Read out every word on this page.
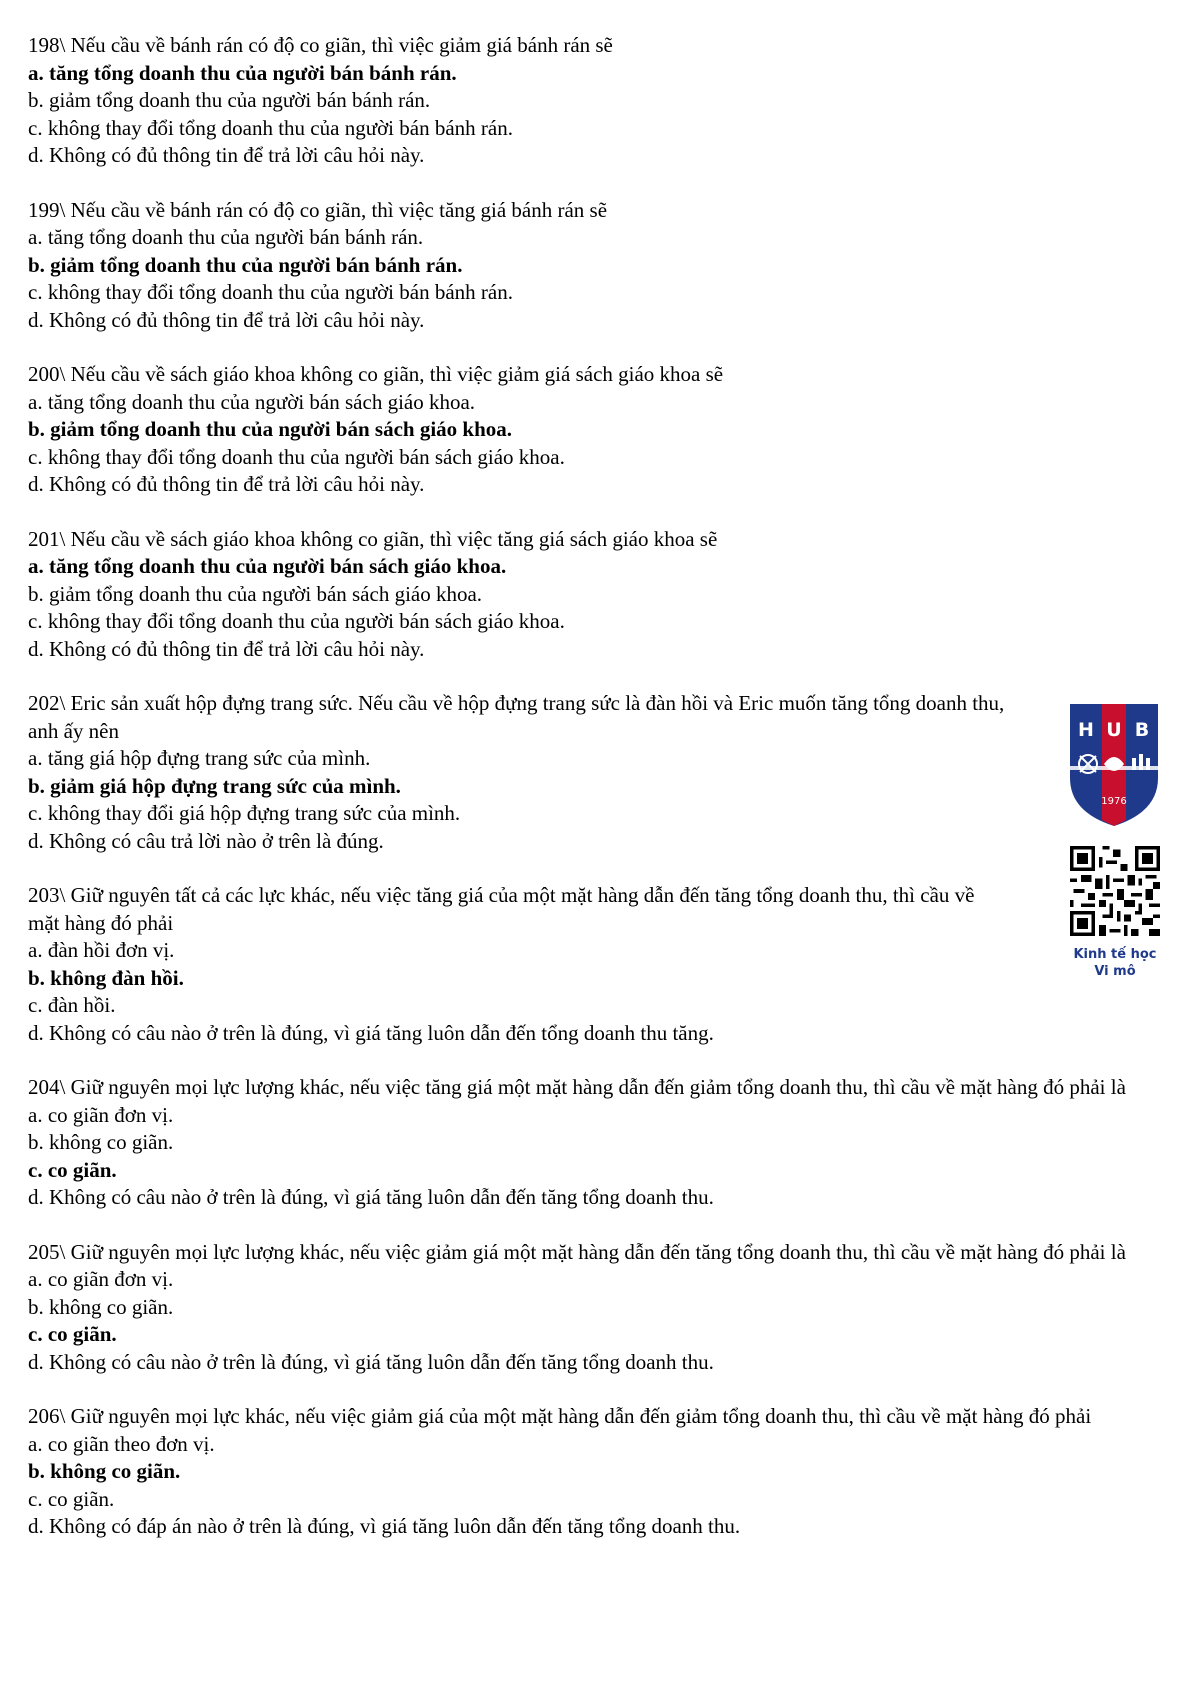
198\ Nếu cầu về bánh rán có độ co giãn, thì việc giảm giá bánh rán sẽ
a. tăng tổng doanh thu của người bán bánh rán.
b. giảm tổng doanh thu của người bán bánh rán.
c. không thay đổi tổng doanh thu của người bán bánh rán.
d. Không có đủ thông tin để trả lời câu hỏi này.
199\ Nếu cầu về bánh rán có độ co giãn, thì việc tăng giá bánh rán sẽ
a. tăng tổng doanh thu của người bán bánh rán.
b. giảm tổng doanh thu của người bán bánh rán.
c. không thay đổi tổng doanh thu của người bán bánh rán.
d. Không có đủ thông tin để trả lời câu hỏi này.
200\ Nếu cầu về sách giáo khoa không co giãn, thì việc giảm giá sách giáo khoa sẽ
a. tăng tổng doanh thu của người bán sách giáo khoa.
b. giảm tổng doanh thu của người bán sách giáo khoa.
c. không thay đổi tổng doanh thu của người bán sách giáo khoa.
d. Không có đủ thông tin để trả lời câu hỏi này.
201\ Nếu cầu về sách giáo khoa không co giãn, thì việc tăng giá sách giáo khoa sẽ
a. tăng tổng doanh thu của người bán sách giáo khoa.
b. giảm tổng doanh thu của người bán sách giáo khoa.
c. không thay đổi tổng doanh thu của người bán sách giáo khoa.
d. Không có đủ thông tin để trả lời câu hỏi này.
202\ Eric sản xuất hộp đựng trang sức. Nếu cầu về hộp đựng trang sức là đàn hồi và Eric muốn tăng tổng doanh thu, anh ấy nên
a. tăng giá hộp đựng trang sức của mình.
b. giảm giá hộp đựng trang sức của mình.
c. không thay đổi giá hộp đựng trang sức của mình.
d. Không có câu trả lời nào ở trên là đúng.
203\ Giữ nguyên tất cả các lực khác, nếu việc tăng giá của một mặt hàng dẫn đến tăng tổng doanh thu, thì cầu về mặt hàng đó phải
a. đàn hồi đơn vị.
b. không đàn hồi.
c. đàn hồi.
d. Không có câu nào ở trên là đúng, vì giá tăng luôn dẫn đến tổng doanh thu tăng.
204\ Giữ nguyên mọi lực lượng khác, nếu việc tăng giá một mặt hàng dẫn đến giảm tổng doanh thu, thì cầu về mặt hàng đó phải là
a. co giãn đơn vị.
b. không co giãn.
c. co giãn.
d. Không có câu nào ở trên là đúng, vì giá tăng luôn dẫn đến tăng tổng doanh thu.
205\ Giữ nguyên mọi lực lượng khác, nếu việc giảm giá một mặt hàng dẫn đến tăng tổng doanh thu, thì cầu về mặt hàng đó phải là
a. co giãn đơn vị.
b. không co giãn.
c. co giãn.
d. Không có câu nào ở trên là đúng, vì giá tăng luôn dẫn đến tăng tổng doanh thu.
206\ Giữ nguyên mọi lực khác, nếu việc giảm giá của một mặt hàng dẫn đến giảm tổng doanh thu, thì cầu về mặt hàng đó phải
a. co giãn theo đơn vị.
b. không co giãn.
c. co giãn.
d. Không có đáp án nào ở trên là đúng, vì giá tăng luôn dẫn đến tăng tổng doanh thu.
H U B
1976
Kinh tế học
Vi mô
